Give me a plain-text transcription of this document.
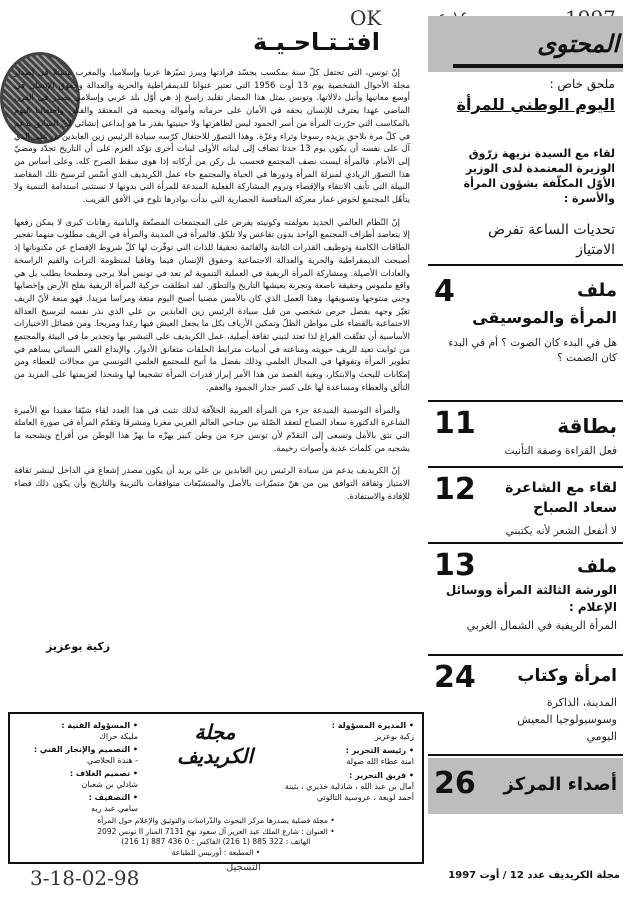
OK
افتـتـاحـيـة

إنّ تونس، التي تحتفل كلّ سنة بمكسب يجسّد فرادتها ويبرز تميّزها عربيا وإسلاميا، والمغرب متمثلا في إصدار مجلة الأحوال الشخصية يوم 13 أوت 1956 التي تعتبر عنوانا للديمقراطية والحرية والعدالة وحقوق الإنسان في أوسع معانيها وأنبل دلالاتها. وتونس بمثل هذا المضار تقليد راسخ إذ هي أوّل بلد عربي وإسلامي يصدر في القرن الماضي عهدا يعترف للإنسان بحقه في الأمان على حرمانه وأمواله ويحميه في المعتقد والفكر، واحتفالنا اليوم بالمكاسب التي حرّرت المرأة من أسر الجمود ليس لظاهرتها ولا حينيتها بقدر ما هو إبداعي إنشائي لأنّ السابق يدعم في كلّ مرة بلاحق يزيده رسوخا وثراء وعزّة. وهذا التصوّر للاحتفال كرّسه سيادة الرئيس زين العابدين بن علي الذي آل على نفسه أن يكون يوم 13 حدثا تضاف إلى لبناته الأولى لبنات أخرى تؤكد العزم على أن التاريخ تجدّد ومضيّ إلى الأمام. فالمرأة ليست نصف المجتمع فحسب بل ركن من أركانه إذا هوى سقط الصرح كله. وعلى أساس من هذا التصوّر الريادي لمنزلة المرأة ودورها في الحياة والمجتمع جاء عمل الكريديف الذي أسّس لترسيخ تلك المقاصد النبيلة التي تأنف الانتقاء والإقصاء وتروم المشاركة الفعلية المبدعة للمرأة التي بدونها لا تستثنى استدامة التنمية ولا يتأهّل المجتمع لخوض غمار معركة المنافسة الحضارية التي بدأت بوادرها تلوح في الأفق القريب.

إنّ النّظام العالمي الجديد بعولمته وكونيته يفرض على المجتمعات المصنّعة والنامية رهانات كبرى لا يمكن رفعها إلا بتعاضد أطراف المجتمع الواحد بدون تقاعس ولا تلكؤ. فالمرأة في المدينة والمرأة في الريف مطلوب منهما تفجير الطاقات الكامنة وتوظيف القدرات الثابتة والقائمة تحقيقا للذات التي توفّرت لها كلّ شروط الإفصاح عن مكنوناتها إذ أصبحت الديمقراطية والحرية والعدالة الاجتماعية وحقوق الإنسان فيما وفاقيا لمنظومة التراث والقيم الراسخة والعادات الأصيلة. ومشاركة المرأة الريفية في العملية التنموية لم تعد في تونس أملا يرجى ومطمحا يطلب بل هي واقع ملموس وحقيقة ناصعة وتجربة يعيشها التاريخ والتطوّر. لقد انطلقت حركية المرأة الريفية بفلح الأرض وإخصابها وجني منتوجها وتسويقها. وهذا العمل الذي كان بالأمس مضنيا أصبح اليوم متعة ومراسا مزيدا. فهو منعة لأنّ الريف تغيّر وجهه بفضل حرص شخصي من قبل سيادة الرئيس زين العابدين بن علي الذي نذر نفسه لترسيخ العدالة الاجتماعية بالقضاء على مواطن الظلّ وتمكين الأرياف بكل ما يجعل العيش فيها رغدا ومريحا. ومن فضائل الاختيارات الأساسية أن تفتّقت الفراغ لذا تعتد لتبني ثقافة أصلية، عمل الكريديف على التبشير بها وتجذير ما في البيئة والمجتمع من ثوابت تعيد للريف حيويته ومناعته في أدبيات مترابط الحلقات متعانق الأدوار. والإبداع الفني النسائي يساهم في تطوير المرأة وتفوقها في المجال العلمي وذلك بفضل ما أتيح للمجتمع العلمي التونسي من مجالات للعطاء ومن إمكانات للبحث والابتكار، وبغية القصد من هذا الأمر إبراز قدرات المرأة تشجيعا لها وشحذا لعزيمتها على المزيد من التألق والعطاء ومساعدة لها على كسر جدار الجمود والعقم.

والمرأة التونسية المبدعة جزء من المرأة العربية الخلاّقة لذلك تثبت في هذا العدد لقاء شيّقا مفيدا مع الأميرة الشاعرة الدكتورة سعاد الصباح لتعقد الصّلة بين جناحي العالم العربي مغربا ومشرقا وتقدّم المرأة في صورة العاملة التي تثق بالأمل وتسعى إلى التقدّم لأن تونس جزء من وطن كبير يهزّه ما يهزّ هذا الوطن من أفراح ويشجيه ما يشجيه من كلمات عذبة وأصوات رخيمة.

إنّ الكريديف يدعم من سيادة الرئيس زين العابدين بن علي يريد أن يكون مصدر إشعاع في الداخل لينشر ثقافة الامتياز وثقافة التوافق بين من هنّ متميّزات بالأصل والمتشبّعات متوافقات بالتربية والتاريخ وأن يكون ذلك فضاء للإفادة والاستفادة.

زكية بوعزيز
المحتوى
ملحق خاص :
اليوم الوطني للمرأة
لقاء مع السيدة نزيهة زرّوق الوزيرة المعتمدة لدى الوزير الأوّل المكلّفة بشؤون المرأة والأسرة :
تحديات الساعة تفرض الامتياز
4	ملف
المرأة والموسيقى
هل في البدء كان الصوت ؟ أم في البدء كان الصمت ؟
11	بطاقة
فعل القراءة وصفة التأنيث
12	لقاء مع الشاعرة سعاد الصباح
لا أنفعل الشعر لأنه يكتبني
13	ملف
الورشة الثالثة المرأة ووسائل الإعلام :
المرأة الريفية في الشمال الغربي
24 امرأة وكتاب
المدينة، الذاكرة وسوسيولوجيا المعيش اليومي
26 أصداء المركز
مجلة الكريديف
• المديرة المسؤولة :
زكية بوعزيز
• رئيسة التحرير :
امنة عطاء الله صولة
• فريق التحرير :
آمال بن عبد الله ، شادلية خذيري ، بثينة أحمد لويعة ، عروسية التالوتي
• المسؤولة الفنية :
مليكة حراك
• التصميم والإنجاز الفني :
- هندة الحلاصي
• تصميم الغلاف :
شادلي بن شعبان
• التصفيف :
سامي عبد ربه
• مجلة فصلية يصدرها مركز البحوث والدّراسات والتوثيق والإعلام حول المرأة
• العنوان : شارع الملك عبد العزيز آل سعود نهج 7131 المنار II تونس 2092
الهاتف : 322 885 (1 216) الفاكس : 0 436 887 (1 216)
• المطبعة : أوربيس للطباعة
التسجيل
3-18-02-98	مجلة الكريديف عدد 12 / أوت 1997
